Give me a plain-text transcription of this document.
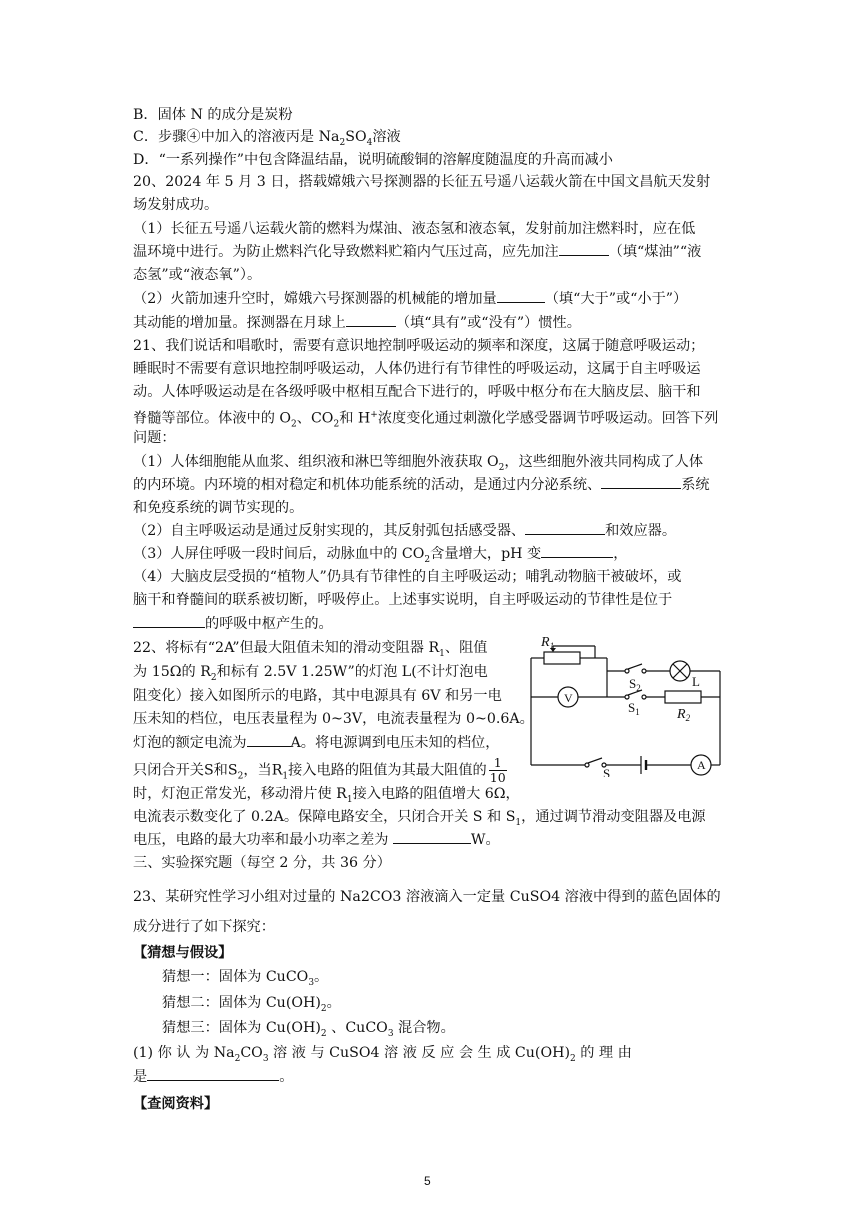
B．固体 N 的成分是炭粉
C．步骤④中加入的溶液丙是 $Na_2SO_4$溶液
D．“一系列操作”中包含降温结晶，说明硫酸铜的溶解度随温度的升高而减小
20、2024 年 5 月 3 日，搭载嫦娥六号探测器的长征五号遥八运载火箭在中国文昌航天发射
场发射成功。
（1）长征五号遥八运载火箭的燃料为煤油、液态氢和液态氧，发射前加注燃料时，应在低
温环境中进行。为防止燃料汽化导致燃料贮箱内气压过高，应先加注	（填“煤油”“液
态氢”或“液态氧”）。
（2）火箭加速升空时，嫦娥六号探测器的机械能的增加量	（填“大于”或“小于”）
其动能的增加量。探测器在月球上	（填“具有”或“没有”）惯性。
21、我们说话和唱歌时，需要有意识地控制呼吸运动的频率和深度，这属于随意呼吸运动；
睡眠时不需要有意识地控制呼吸运动，人体仍进行有节律性的呼吸运动，这属于自主呼吸运
动。人体呼吸运动是在各级呼吸中枢相互配合下进行的，呼吸中枢分布在大脑皮层、脑干和
脊髓等部位。体液中的 $O_2$、$CO_2$和 H+浓度变化通过刺激化学感受器调节呼吸运动。回答下列
问题：
（1）人体细胞能从血浆、组织液和淋巴等细胞外液获取 $O_2$，这些细胞外液共同构成了人体
的内环境。内环境的相对稳定和机体功能系统的活动，是通过内分泌系统、	系统
和免疫系统的调节实现的。
（2）自主呼吸运动是通过反射实现的，其反射弧包括感受器、	和效应器。
（3）人屏住呼吸一段时间后，动脉血中的 $CO_2$含量增大，pH 变	，
（4）大脑皮层受损的“植物人”仍具有节律性的自主呼吸运动；哺乳动物脑干被破坏，或
脑干和脊髓间的联系被切断，呼吸停止。上述事实说明，自主呼吸运动的节律性是位于
的呼吸中枢产生的。
22、将标有“2A”但最大阻值未知的滑动变阻器 $R_1$、阻值
为 15Ω的 $R_2$和标有 2.5V 1.25W”的灯泡 L(不计灯泡电
阻变化）接入如图所示的电路，其中电源具有 6V 和另一电
压未知的档位，电压表量程为 0~3V，电流表量程为 0~0.6A。
灯泡的额定电流为	A。将电源调到电压未知的档位，
只闭合开关S和$S_2$，当$R_1$接入电路的阻值为其最大阻值的 $\frac{1}{10}$
时，灯泡正常发光，移动滑片使 $R_1$接入电路的阻值增大 6Ω，
电流表示数变化了 0.2A。保障电路安全，只闭合开关 S 和 $S_1$，通过调节滑动变阻器及电源
电压，电路的最大功率和最小功率之差为	W。
$R_1$
$S_2$	L
V
$S_1$	$R_2$
S
A
三、实验探究题（每空 2 分，共 36 分）
23、某研究性学习小组对过量的 Na2CO3 溶液滴入一定量 CuSO4 溶液中得到的蓝色固体的
成分进行了如下探究：
【猜想与假设】
猜想一：固体为 CuCO$_3$。
猜想二：固体为 $Cu(OH)_2$。
猜想三：固体为 $Cu(OH)_2$ 、CuCO$_3$ 混合物。
(1) 你 认 为 $Na_2CO_3$ 溶 液 与 CuSO4 溶 液 反 应 会 生 成 $Cu(OH)_2$ 的 理 由
是	。
【查阅资料】
5
